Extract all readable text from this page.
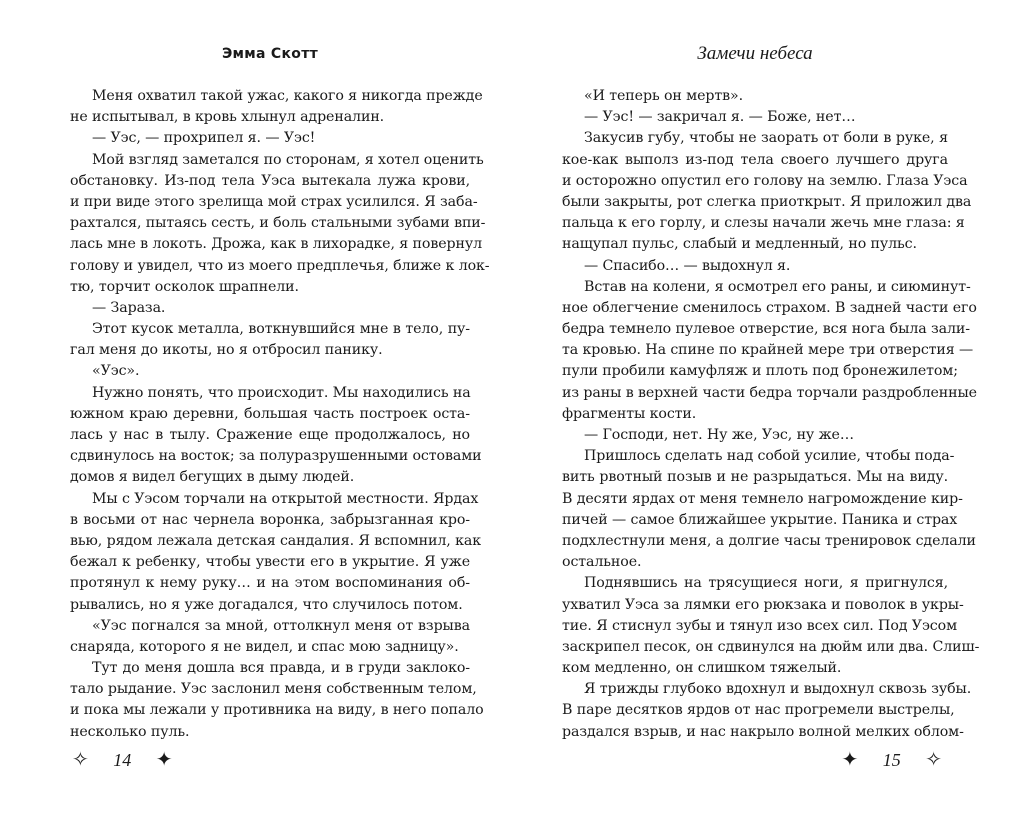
Эмма Скотт
Меня охватил такой ужас, какого я никогда прежде
не испытывал, в кровь хлынул адреналин.
— Уэс, — прохрипел я. — Уэс!
Мой взгляд заметался по сторонам, я хотел оценить
обстановку. Из-под тела Уэса вытекала лужа крови,
и при виде этого зрелища мой страх усилился. Я заба-
рахтался, пытаясь сесть, и боль стальными зубами впи-
лась мне в локоть. Дрожа, как в лихорадке, я повернул
голову и увидел, что из моего предплечья, ближе к лок-
тю, торчит осколок шрапнели.
— Зараза.
Этот кусок металла, воткнувшийся мне в тело, пу-
гал меня до икоты, но я отбросил панику.
«Уэс».
Нужно понять, что происходит. Мы находились на
южном краю деревни, большая часть построек оста-
лась у нас в тылу. Сражение еще продолжалось, но
сдвинулось на восток; за полуразрушенными остовами
домов я видел бегущих в дыму людей.
Мы с Уэсом торчали на открытой местности. Ярдах
в восьми от нас чернела воронка, забрызганная кро-
вью, рядом лежала детская сандалия. Я вспомнил, как
бежал к ребенку, чтобы увести его в укрытие. Я уже
протянул к нему руку… и на этом воспоминания об-
рывались, но я уже догадался, что случилось потом.
«Уэс погнался за мной, оттолкнул меня от взрыва
снаряда, которого я не видел, и спас мою задницу».
Тут до меня дошла вся правда, и в груди заклоко-
тало рыдание. Уэс заслонил меня собственным телом,
и пока мы лежали у противника на виду, в него попало
несколько пуль.
Замечи небеса
«И теперь он мертв».
— Уэс! — закричал я. — Боже, нет…
Закусив губу, чтобы не заорать от боли в руке, я
кое-как выполз из-под тела своего лучшего друга
и осторожно опустил его голову на землю. Глаза Уэса
были закрыты, рот слегка приоткрыт. Я приложил два
пальца к его горлу, и слезы начали жечь мне глаза: я
нащупал пульс, слабый и медленный, но пульс.
— Спасибо… — выдохнул я.
Встав на колени, я осмотрел его раны, и сиюминут-
ное облегчение сменилось страхом. В задней части его
бедра темнело пулевое отверстие, вся нога была зали-
та кровью. На спине по крайней мере три отверстия —
пули пробили камуфляж и плоть под бронежилетом;
из раны в верхней части бедра торчали раздробленные
фрагменты кости.
— Господи, нет. Ну же, Уэс, ну же…
Пришлось сделать над собой усилие, чтобы пода-
вить рвотный позыв и не разрыдаться. Мы на виду.
В десяти ярдах от меня темнело нагромождение кир-
пичей — самое ближайшее укрытие. Паника и страх
подхлестнули меня, а долгие часы тренировок сделали
остальное.
Поднявшись на трясущиеся ноги, я пригнулся,
ухватил Уэса за лямки его рюкзака и поволок в укры-
тие. Я стиснул зубы и тянул изо всех сил. Под Уэсом
заскрипел песок, он сдвинулся на дюйм или два. Слиш-
ком медленно, он слишком тяжелый.
Я трижды глубоко вдохнул и выдохнул сквозь зубы.
В паре десятков ярдов от нас прогремели выстрелы,
раздался взрыв, и нас накрыло волной мелких облом-
✧ 14 ✦	✦ 15 ✧
